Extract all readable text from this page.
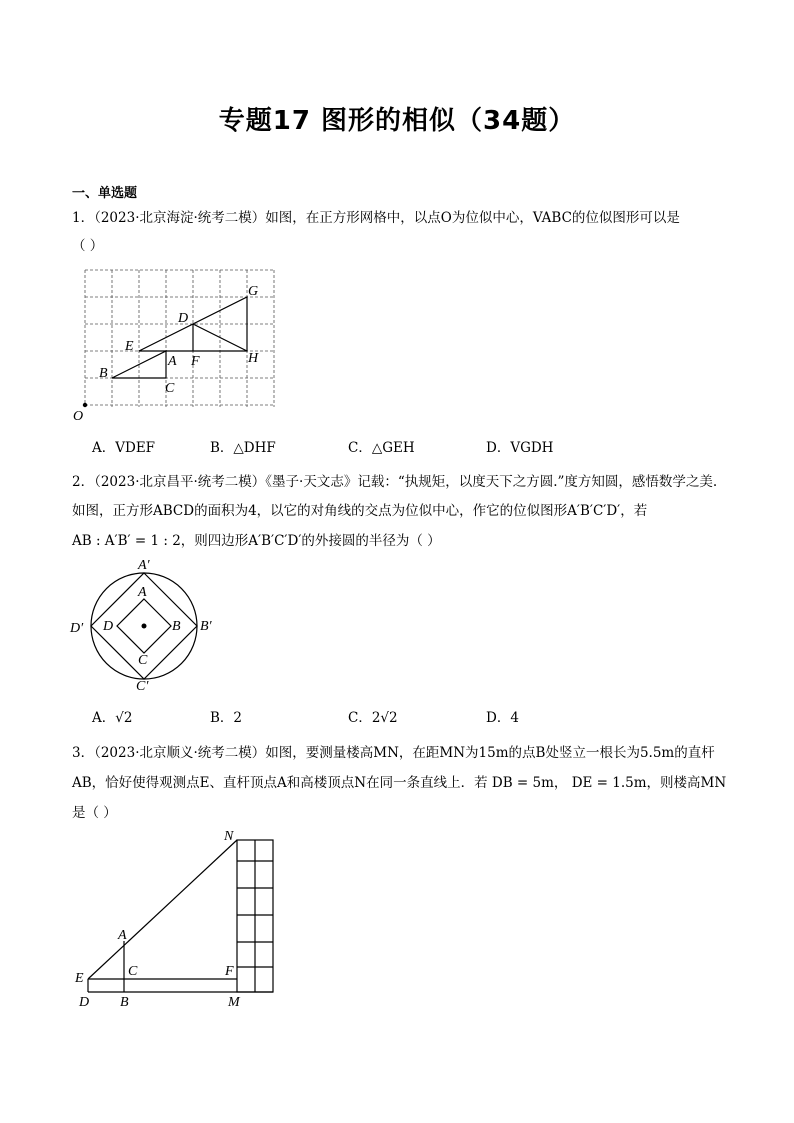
专题17 图形的相似（34题）
一、单选题
1．（2023·北京海淀·统考二模）如图，在正方形网格中，以点O为位似中心，VABC的位似图形可以是
（ ）
G
D
E
A F	H
B
C
O
A．VDEF	B．△DHF	C．△GEH	D．VGDH
2．（2023·北京昌平·统考二模）《墨子·天文志》记载：“执规矩，以度天下之方圆.”度方知圆，感悟数学之美.
如图，正方形ABCD的面积为4，以它的对角线的交点为位似中心，作它的位似图形A′B′C′D′，若
AB : A′B′ = 1 : 2，则四边形A′B′C′D′的外接圆的半径为（ ）
A′
A
D′ D	B B′
C
C′
A．√2	B．2	C．2√2	D．4
3．（2023·北京顺义·统考二模）如图，要测量楼高MN，在距MN为15m的点B处竖立一根长为5.5m的直杆
AB，恰好使得观测点E、直杆顶点A和高楼顶点N在同一条直线上．若 DB = 5m， DE = 1.5m，则楼高MN
是（ ）
N
A
E	C	F
D B	M
